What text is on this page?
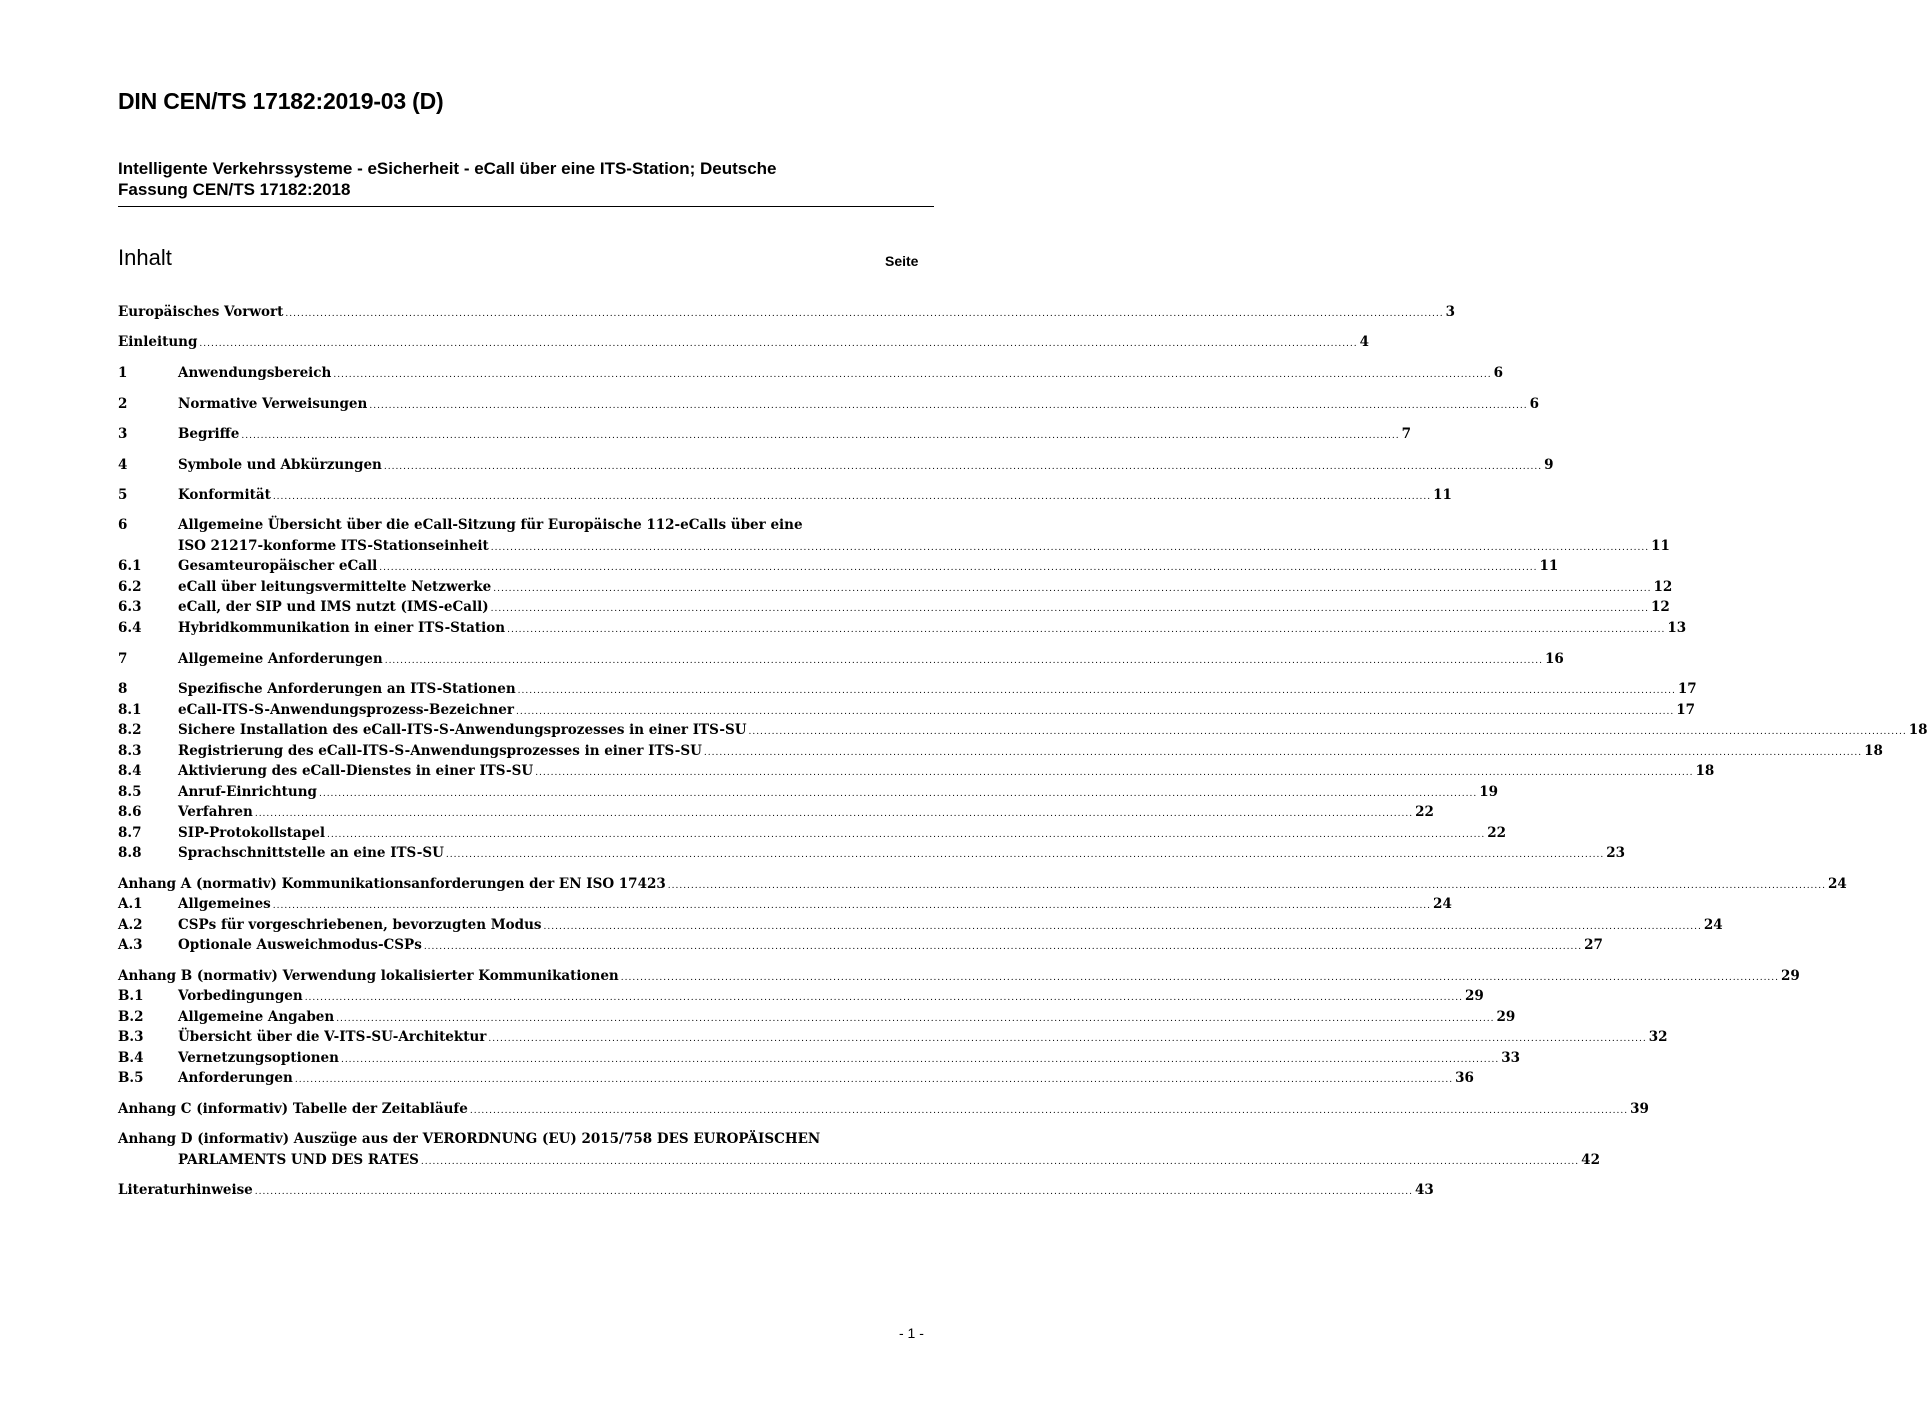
DIN CEN/TS 17182:2019-03 (D)
Intelligente Verkehrssysteme - eSicherheit - eCall über eine ITS-Station; Deutsche
Fassung CEN/TS 17182:2018
Inhalt	Seite
Europäisches Vorwort ............................................................................................................................................................................................................................................................................................................ 3
Einleitung ............................................................................................................................................................................................................................................................................................................ 4
1	Anwendungsbereich ............................................................................................................................................................................................................................................................................................................ 6
2	Normative Verweisungen ............................................................................................................................................................................................................................................................................................................ 6
3	Begriffe ............................................................................................................................................................................................................................................................................................................ 7
4	Symbole und Abkürzungen ............................................................................................................................................................................................................................................................................................................ 9
5	Konformität ............................................................................................................................................................................................................................................................................................................ 11
6	Allgemeine Übersicht über die eCall-Sitzung für Europäische 112-eCalls über eine
ISO 21217-konforme ITS-Stationseinheit ............................................................................................................................................................................................................................................................................................................ 11
6.1	Gesamteuropäischer eCall ............................................................................................................................................................................................................................................................................................................ 11
6.2	eCall über leitungsvermittelte Netzwerke ............................................................................................................................................................................................................................................................................................................ 12
6.3	eCall, der SIP und IMS nutzt (IMS-eCall) ............................................................................................................................................................................................................................................................................................................ 12
6.4	Hybridkommunikation in einer ITS-Station ............................................................................................................................................................................................................................................................................................................ 13
7	Allgemeine Anforderungen ............................................................................................................................................................................................................................................................................................................ 16
8	Spezifische Anforderungen an ITS-Stationen ............................................................................................................................................................................................................................................................................................................ 17
8.1	eCall-ITS-S-Anwendungsprozess-Bezeichner ............................................................................................................................................................................................................................................................................................................ 17
8.2	Sichere Installation des eCall-ITS-S-Anwendungsprozesses in einer ITS-SU ............................................................................................................................................................................................................................................................................................................ 18
8.3	Registrierung des eCall-ITS-S-Anwendungsprozesses in einer ITS-SU ............................................................................................................................................................................................................................................................................................................ 18
8.4	Aktivierung des eCall-Dienstes in einer ITS-SU ............................................................................................................................................................................................................................................................................................................ 18
8.5	Anruf-Einrichtung ............................................................................................................................................................................................................................................................................................................ 19
8.6	Verfahren ............................................................................................................................................................................................................................................................................................................ 22
8.7	SIP-Protokollstapel ............................................................................................................................................................................................................................................................................................................ 22
8.8	Sprachschnittstelle an eine ITS-SU ............................................................................................................................................................................................................................................................................................................ 23
Anhang A (normativ) Kommunikationsanforderungen der EN ISO 17423 ............................................................................................................................................................................................................................................................................................................ 24
A.1	Allgemeines ............................................................................................................................................................................................................................................................................................................ 24
A.2	CSPs für vorgeschriebenen, bevorzugten Modus ............................................................................................................................................................................................................................................................................................................ 24
A.3	Optionale Ausweichmodus-CSPs ............................................................................................................................................................................................................................................................................................................ 27
Anhang B (normativ) Verwendung lokalisierter Kommunikationen ............................................................................................................................................................................................................................................................................................................ 29
B.1	Vorbedingungen ............................................................................................................................................................................................................................................................................................................ 29
B.2	Allgemeine Angaben ............................................................................................................................................................................................................................................................................................................ 29
B.3	Übersicht über die V-ITS-SU-Architektur ............................................................................................................................................................................................................................................................................................................ 32
B.4	Vernetzungsoptionen ............................................................................................................................................................................................................................................................................................................ 33
B.5	Anforderungen ............................................................................................................................................................................................................................................................................................................ 36
Anhang C (informativ) Tabelle der Zeitabläufe ............................................................................................................................................................................................................................................................................................................ 39
Anhang D (informativ) Auszüge aus der VERORDNUNG (EU) 2015/758 DES EUROPÄISCHEN
PARLAMENTS UND DES RATES ............................................................................................................................................................................................................................................................................................................ 42
Literaturhinweise ............................................................................................................................................................................................................................................................................................................ 43
- 1 -
